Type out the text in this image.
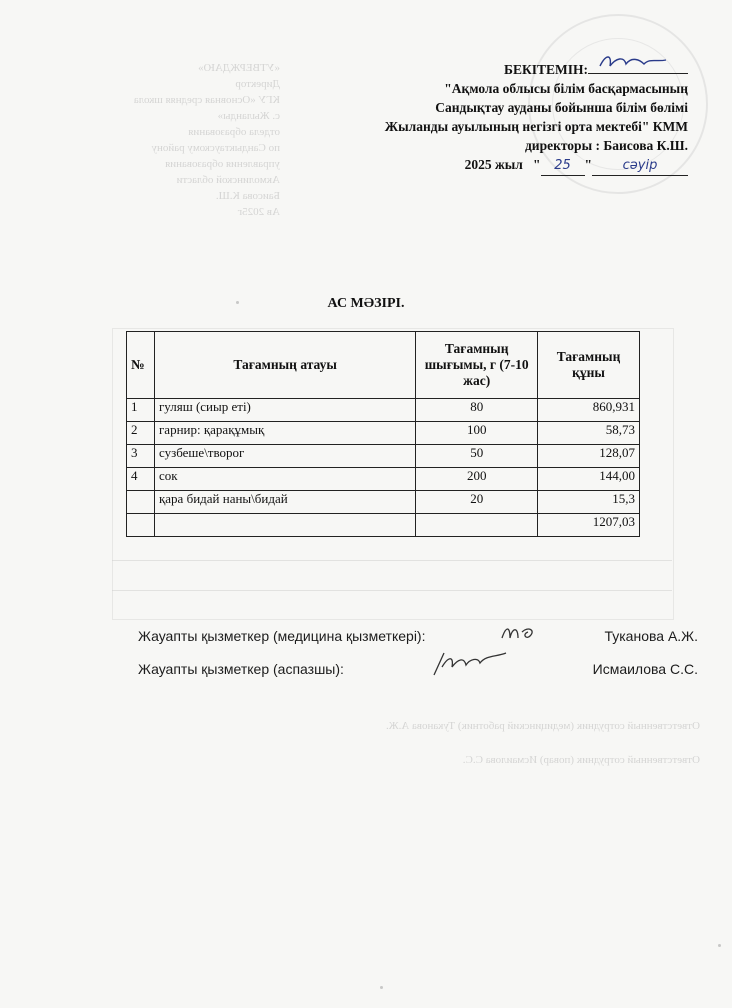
«УТВЕРЖДАЮ»
Директор
КГУ «Основная средняя школа
с. Жыланды»
отдела образования
по Сандыктаускому району
управления образования
Акмолинской области
Баисова К.Ш.
Ав 2025г
Ответственный сотрудник (медицинский работник) Туканова А.Ж.
Ответственный сотрудник (повар) Исмаилова С.С.
БЕКІТЕМІН:
"Ақмола облысы білім басқармасының
Сандықтау ауданы бойынша білім бөлімі
Жыланды ауылының негізгі орта мектебі" КММ
директоры : Баисова К.Ш.
2025 жыл   " 25 " сәуір
АС МӘЗІРІ.
№	Тағамның атауы	Тағамның шығымы, г (7-10 жас)	Тағамның құны
1	гуляш (сиыр еті)	80	860,931
2	гарнир: қарақұмық	100	58,73
3	сузбеше\творог	50	128,07
4	сок	200	144,00
	қара бидай наны\бидай	20	15,3
			1207,03
Жауапты қызметкер (медицина қызметкері):	Туканова А.Ж.
Жауапты қызметкер (аспазшы):	Исмаилова С.С.
